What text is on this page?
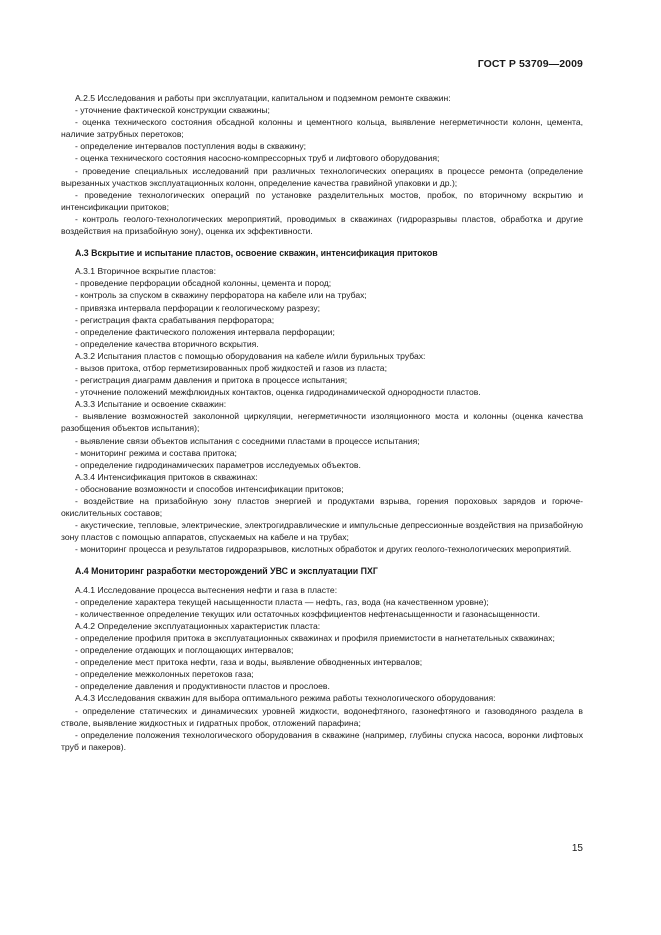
ГОСТ Р 53709—2009

А.2.5 Исследования и работы при эксплуатации, капитальном и подземном ремонте скважин:

- уточнение фактической конструкции скважины;

- оценка технического состояния обсадной колонны и цементного кольца, выявление негерметичности колонн, цемента, наличие затрубных перетоков;

- определение интервалов поступления воды в скважину;

- оценка технического состояния насосно-компрессорных труб и лифтового оборудования;

- проведение специальных исследований при различных технологических операциях в процессе ремонта (определение вырезанных участков эксплуатационных колонн, определение качества гравийной упаковки и др.);

- проведение технологических операций по установке разделительных мостов, пробок, по вторичному вскрытию и интенсификации притоков;

- контроль геолого-технологических мероприятий, проводимых в скважинах (гидроразрывы пластов, обработка и другие воздействия на призабойную зону), оценка их эффективности.

А.3 Вскрытие и испытание пластов, освоение скважин, интенсификация притоков

А.3.1 Вторичное вскрытие пластов:

- проведение перфорации обсадной колонны, цемента и пород;

- контроль за спуском в скважину перфоратора на кабеле или на трубах;

- привязка интервала перфорации к геологическому разрезу;

- регистрация факта срабатывания перфоратора;

- определение фактического положения интервала перфорации;

- определение качества вторичного вскрытия.

А.3.2 Испытания пластов с помощью оборудования на кабеле и/или бурильных трубах:

- вызов притока, отбор герметизированных проб жидкостей и газов из пласта;

- регистрация диаграмм давления и притока в процессе испытания;

- уточнение положений межфлюидных контактов, оценка гидродинамической однородности пластов.

А.3.3 Испытание и освоение скважин:

- выявление возможностей заколонной циркуляции, негерметичности изоляционного моста и колонны (оценка качества разобщения объектов испытания);

- выявление связи объектов испытания с соседними пластами в процессе испытания;

- мониторинг режима и состава притока;

- определение гидродинамических параметров исследуемых объектов.

А.3.4 Интенсификация притоков в скважинах:

- обоснование возможности и способов интенсификации притоков;

- воздействие на призабойную зону пластов энергией и продуктами взрыва, горения пороховых зарядов и горюче-окислительных составов;

- акустические, тепловые, электрические, электрогидравлические и импульсные депрессионные воздействия на призабойную зону пластов с помощью аппаратов, спускаемых на кабеле и на трубах;

- мониторинг процесса и результатов гидроразрывов, кислотных обработок и других геолого-технологических мероприятий.

А.4 Мониторинг разработки месторождений УВС и эксплуатации ПХГ

А.4.1 Исследование процесса вытеснения нефти и газа в пласте:

- определение характера текущей насыщенности пласта — нефть, газ, вода (на качественном уровне);

- количественное определение текущих или остаточных коэффициентов нефтенасыщенности и газонасыщенности.

А.4.2 Определение эксплуатационных характеристик пласта:

- определение профиля притока в эксплуатационных скважинах и профиля приемистости в нагнетательных скважинах;

- определение отдающих и поглощающих интервалов;

- определение мест притока нефти, газа и воды, выявление обводненных интервалов;

- определение межколонных перетоков газа;

- определение давления и продуктивности пластов и прослоев.

А.4.3 Исследования скважин для выбора оптимального режима работы технологического оборудования:

- определение статических и динамических уровней жидкости, водонефтяного, газонефтяного и газоводяного раздела в стволе, выявление жидкостных и гидратных пробок, отложений парафина;

- определение положения технологического оборудования в скважине (например, глубины спуска насоса, воронки лифтовых труб и пакеров).

15
